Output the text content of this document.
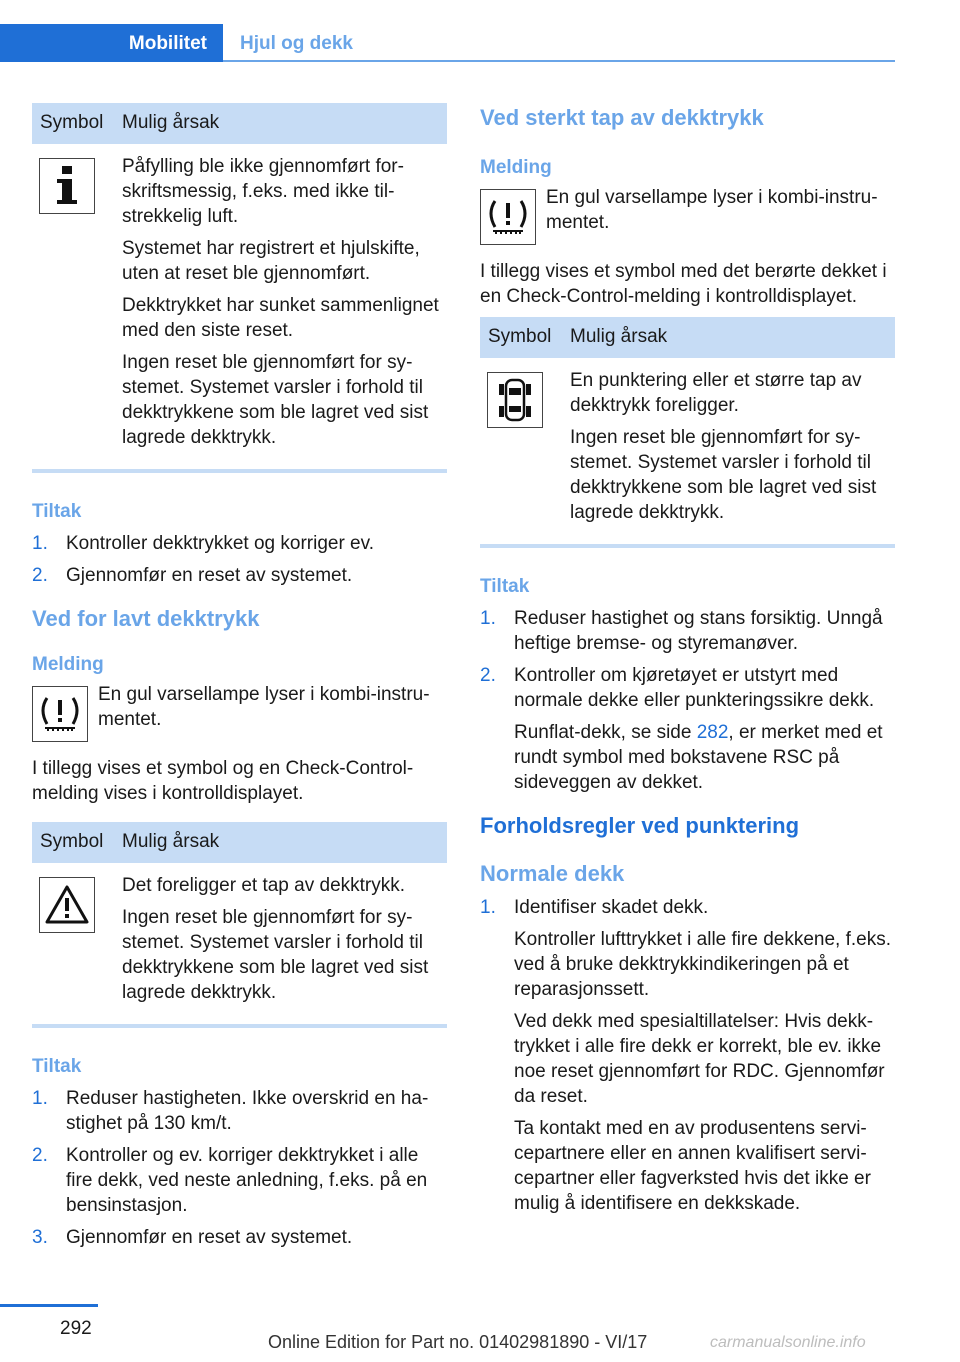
Mobilitet Hjul og dekk
Symbol	Mulig årsak

Påfylling ble ikke gjennomført forskriftsmessig, f.eks. med ikke tilstrekkelig luft.
Systemet har registrert et hjulskifte, uten at reset ble gjennomført.
Dekktrykket har sunket sammenlignet med den siste reset.
Ingen reset ble gjennomført for systemet. Systemet varsler i forhold til dekktrykkene som ble lagret ved sist lagrede dekktrykk.
Tiltak
1. Kontroller dekktrykket og korriger ev.
2. Gjennomfør en reset av systemet.
Ved for lavt dekktrykk
Melding
En gul varsellampe lyser i kombi-instrumentet.

I tillegg vises et symbol og en Check-Control-melding vises i kontrolldisplayet.

Symbol	Mulig årsak

Det foreligger et tap av dekktrykk.
Ingen reset ble gjennomført for systemet. Systemet varsler i forhold til dekktrykkene som ble lagret ved sist lagrede dekktrykk.
Tiltak
1. Reduser hastigheten. Ikke overskrid en hastighet på 130 km/t.
2. Kontroller og ev. korriger dekktrykket i alle fire dekk, ved neste anledning, f.eks. på en bensinstasjon.
3. Gjennomfør en reset av systemet.
Ved sterkt tap av dekktrykk
Melding
En gul varsellampe lyser i kombi-instrumentet.

I tillegg vises et symbol med det berørte dekket i en Check-Control-melding i kontrolldisplayet.

Symbol	Mulig årsak

En punktering eller et større tap av dekktrykk foreligger.
Ingen reset ble gjennomført for systemet. Systemet varsler i forhold til dekktrykkene som ble lagret ved sist lagrede dekktrykk.
Tiltak
1. Reduser hastighet og stans forsiktig. Unngå heftige bremse- og styremanøver.
2. Kontroller om kjøretøyet er utstyrt med normale dekke eller punkteringssikre dekk.
Runflat-dekk, se side 282, er merket med et rundt symbol med bokstavene RSC på sideveggen av dekket.
Forholdsregler ved punktering
Normale dekk
1. Identifiser skadet dekk.
Kontroller lufttrykket i alle fire dekkene, f.eks. ved å bruke dekktrykkindikeringen på et reparasjonssett.
Ved dekk med spesialtillatelser: Hvis dekktrykket i alle fire dekk er korrekt, ble ev. ikke noe reset gjennomført for RDC. Gjennomfør da reset.
Ta kontakt med en av produsentens servicepartnere eller en annen kvalifisert servicepartner eller fagverksted hvis det ikke er mulig å identifisere en dekkskade.
292
Online Edition for Part no. 01402981890 - VI/17	carmanualsonline.info
